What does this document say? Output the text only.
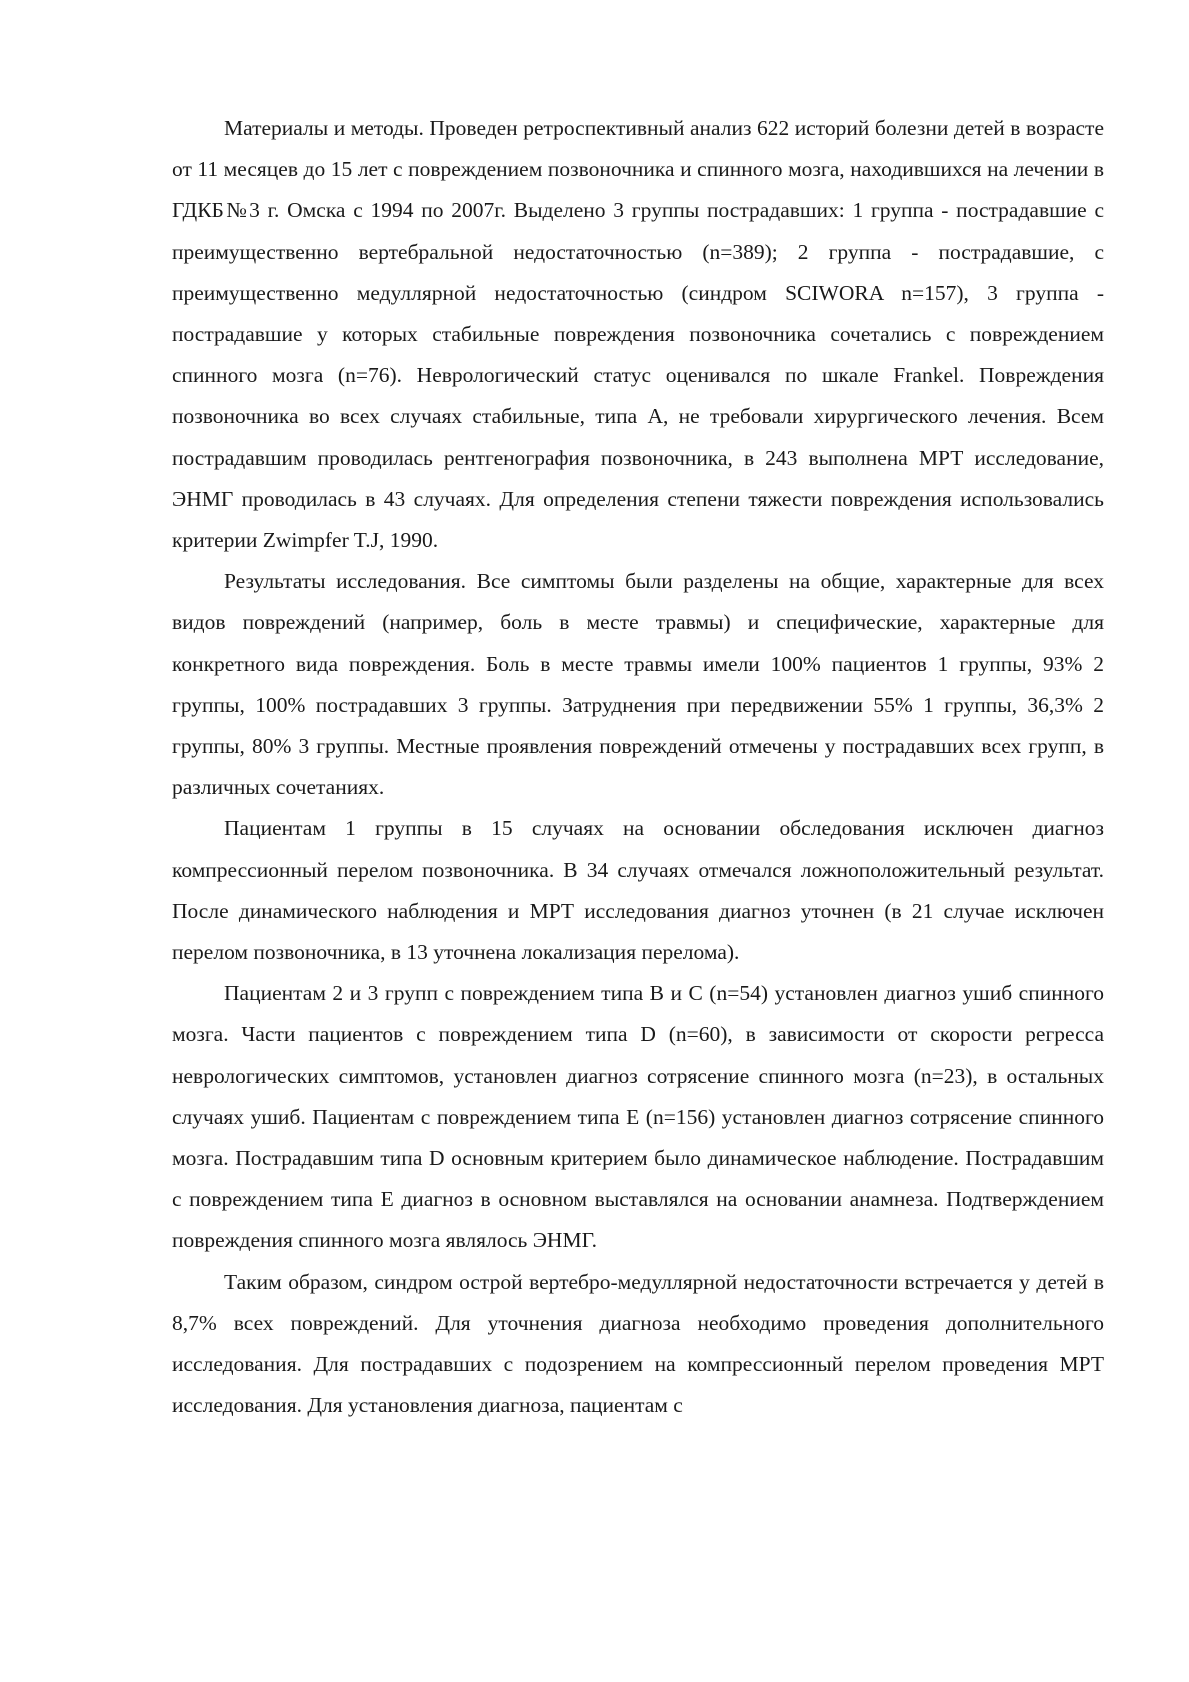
Материалы и методы. Проведен ретроспективный анализ 622 историй болезни детей в возрасте от 11 месяцев до 15 лет с повреждением позвоночника и спинного мозга, находившихся на лечении в ГДКБ№3 г. Омска с 1994 по 2007г. Выделено 3 группы пострадавших: 1 группа - пострадавшие с преимущественно вертебральной недостаточностью (n=389); 2 группа - пострадавшие, с преимущественно медуллярной недостаточностью (синдром SCIWORA n=157), 3 группа - пострадавшие у которых стабильные повреждения позвоночника сочетались с повреждением спинного мозга (n=76). Неврологический статус оценивался по шкале Frankel. Повреждения позвоночника во всех случаях стабильные, типа A, не требовали хирургического лечения. Всем пострадавшим проводилась рентгенография позвоночника, в 243 выполнена МРТ исследование, ЭНМГ проводилась в 43 случаях. Для определения степени тяжести повреждения использовались критерии Zwimpfer T.J, 1990.

Результаты исследования. Все симптомы были разделены на общие, характерные для всех видов повреждений (например, боль в месте травмы) и специфические, характерные для конкретного вида повреждения. Боль в месте травмы имели 100% пациентов 1 группы, 93% 2 группы, 100% пострадавших 3 группы. Затруднения при передвижении 55% 1 группы, 36,3% 2 группы, 80% 3 группы. Местные проявления повреждений отмечены у пострадавших всех групп, в различных сочетаниях.

Пациентам 1 группы в 15 случаях на основании обследования исключен диагноз компрессионный перелом позвоночника. В 34 случаях отмечался ложноположительный результат. После динамического наблюдения и МРТ исследования диагноз уточнен (в 21 случае исключен перелом позвоночника, в 13 уточнена локализация перелома).

Пациентам 2 и 3 групп с повреждением типа В и С (n=54) установлен диагноз ушиб спинного мозга. Части пациентов с повреждением типа D (n=60), в зависимости от скорости регресса неврологических симптомов, установлен диагноз сотрясение спинного мозга (n=23), в остальных случаях ушиб. Пациентам с повреждением типа E (n=156) установлен диагноз сотрясение спинного мозга. Пострадавшим типа D основным критерием было динамическое наблюдение. Пострадавшим с повреждением типа E диагноз в основном выставлялся на основании анамнеза. Подтверждением повреждения спинного мозга являлось ЭНМГ.

Таким образом, синдром острой вертебро-медуллярной недостаточности встречается у детей в 8,7% всех повреждений. Для уточнения диагноза необходимо проведения дополнительного исследования. Для пострадавших с подозрением на компрессионный перелом проведения МРТ исследования. Для установления диагноза, пациентам с
